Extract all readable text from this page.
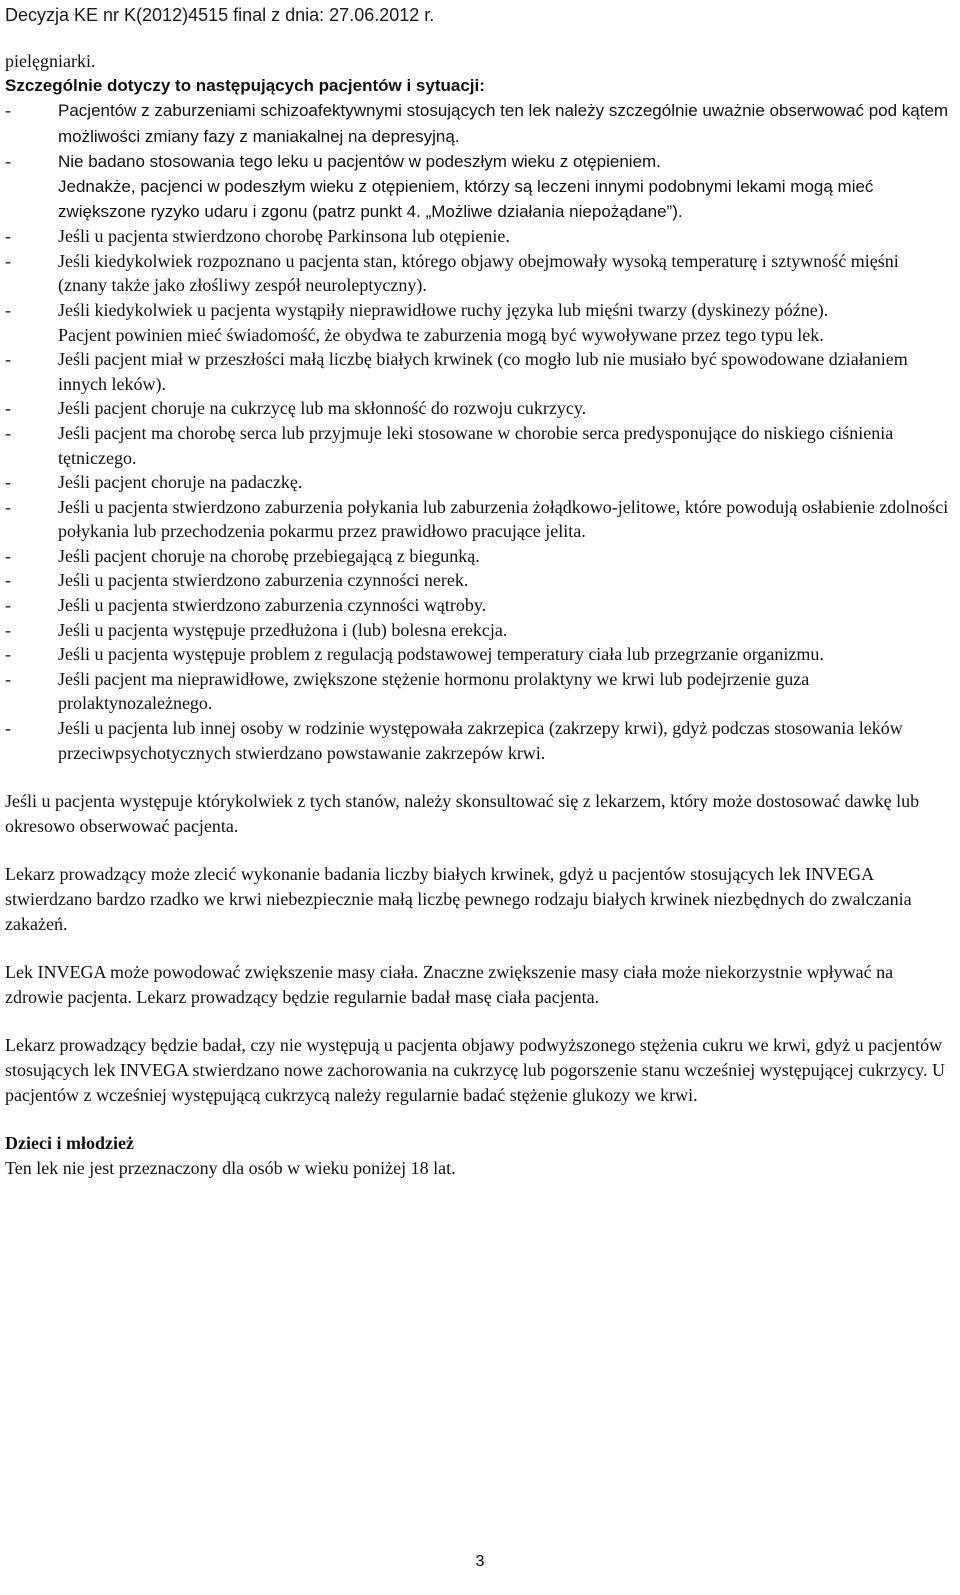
Decyzja KE nr K(2012)4515 final z dnia: 27.06.2012 r.

pielęgniarki.

Szczególnie dotyczy to następujących pacjentów i sytuacji:

-	Pacjentów z zaburzeniami schizoafektywnymi stosujących ten lek należy szczególnie uważnie obserwować pod kątem możliwości zmiany fazy z maniakalnej na depresyjną.
-	Nie badano stosowania tego leku u pacjentów w podeszłym wieku z otępieniem.
Jednakże, pacjenci w podeszłym wieku z otępieniem, którzy są leczeni innymi podobnymi lekami mogą mieć zwiększone ryzyko udaru i zgonu (patrz punkt 4. „Możliwe działania niepożądane”).
-	Jeśli u pacjenta stwierdzono chorobę Parkinsona lub otępienie.
-	Jeśli kiedykolwiek rozpoznano u pacjenta stan, którego objawy obejmowały wysoką temperaturę i sztywność mięśni (znany także jako złośliwy zespół neuroleptyczny).
-	Jeśli kiedykolwiek u pacjenta wystąpiły nieprawidłowe ruchy języka lub mięśni twarzy (dyskinezy późne).
Pacjent powinien mieć świadomość, że obydwa te zaburzenia mogą być wywoływane przez tego typu lek.
-	Jeśli pacjent miał w przeszłości małą liczbę białych krwinek (co mogło lub nie musiało być spowodowane działaniem innych leków).
-	Jeśli pacjent choruje na cukrzycę lub ma skłonność do rozwoju cukrzycy.
-	Jeśli pacjent ma chorobę serca lub przyjmuje leki stosowane w chorobie serca predysponujące do niskiego ciśnienia tętniczego.
-	Jeśli pacjent choruje na padaczkę.
-	Jeśli u pacjenta stwierdzono zaburzenia połykania lub zaburzenia żołądkowo-jelitowe, które powodują osłabienie zdolności połykania lub przechodzenia pokarmu przez prawidłowo pracujące jelita.
-	Jeśli pacjent choruje na chorobę przebiegającą z biegunką.
-	Jeśli u pacjenta stwierdzono zaburzenia czynności nerek.
-	Jeśli u pacjenta stwierdzono zaburzenia czynności wątroby.
-	Jeśli u pacjenta występuje przedłużona i (lub) bolesna erekcja.
-	Jeśli u pacjenta występuje problem z regulacją podstawowej temperatury ciała lub przegrzanie organizmu.
-	Jeśli pacjent ma nieprawidłowe, zwiększone stężenie hormonu prolaktyny we krwi lub podejrzenie guza prolaktynozależnego.
-	Jeśli u pacjenta lub innej osoby w rodzinie występowała zakrzepica (zakrzepy krwi), gdyż podczas stosowania leków przeciwpsychotycznych stwierdzano powstawanie zakrzepów krwi.

Jeśli u pacjenta występuje którykolwiek z tych stanów, należy skonsultować się z lekarzem, który może dostosować dawkę lub okresowo obserwować pacjenta.

Lekarz prowadzący może zlecić wykonanie badania liczby białych krwinek, gdyż u pacjentów stosujących lek INVEGA stwierdzano bardzo rzadko we krwi niebezpiecznie małą liczbę pewnego rodzaju białych krwinek niezbędnych do zwalczania zakażeń.

Lek INVEGA może powodować zwiększenie masy ciała. Znaczne zwiększenie masy ciała może niekorzystnie wpływać na zdrowie pacjenta. Lekarz prowadzący będzie regularnie badał masę ciała pacjenta.

Lekarz prowadzący będzie badał, czy nie występują u pacjenta objawy podwyższonego stężenia cukru we krwi, gdyż u pacjentów stosujących lek INVEGA stwierdzano nowe zachorowania na cukrzycę lub pogorszenie stanu wcześniej występującej cukrzycy. U pacjentów z wcześniej występującą cukrzycą należy regularnie badać stężenie glukozy we krwi.

Dzieci i młodzież

Ten lek nie jest przeznaczony dla osób w wieku poniżej 18 lat.

3
